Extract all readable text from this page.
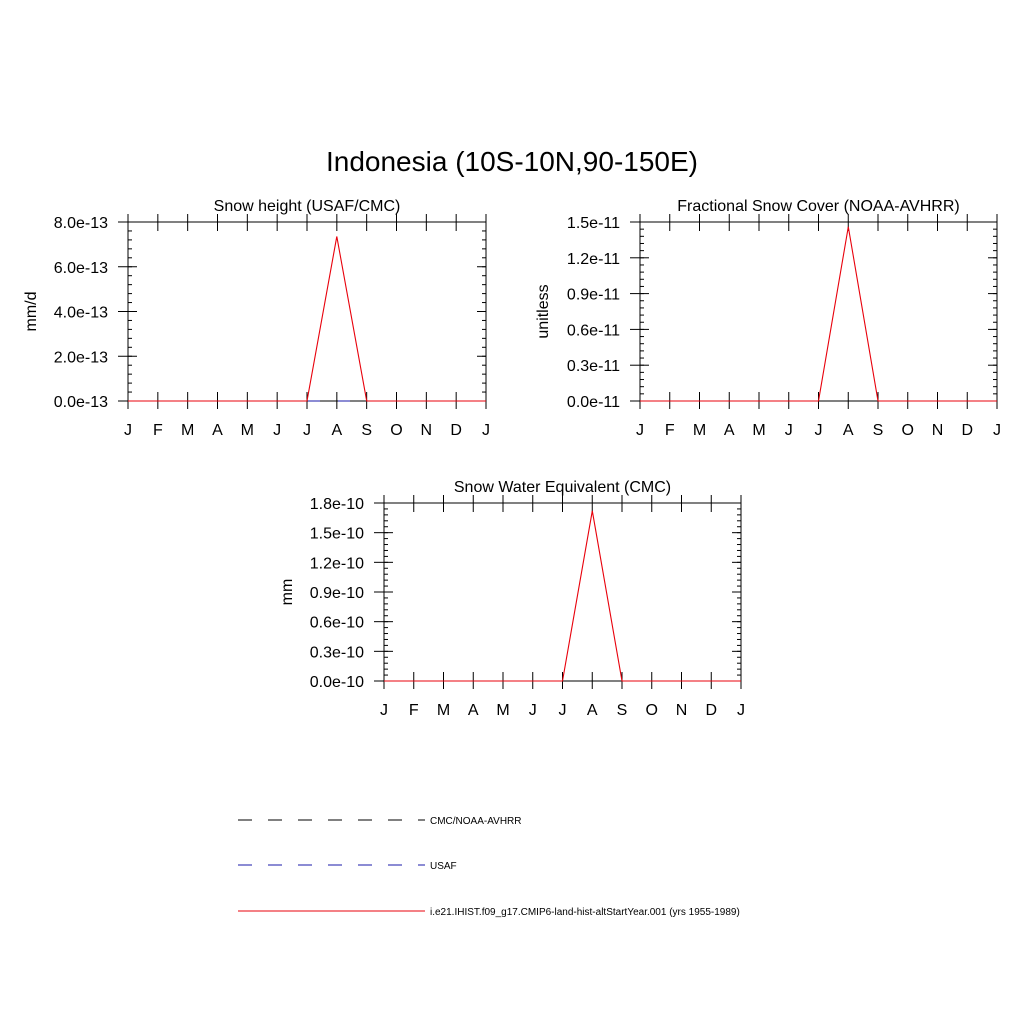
Indonesia (10S-10N,90-150E)
Snow height (USAF/CMC)
mm/d
0.0e-13
2.0e-13
4.0e-13
6.0e-13
8.0e-13
J F M A M J J A S O N D J
Fractional Snow Cover (NOAA-AVHRR)
unitless
0.0e-11
0.3e-11
0.6e-11
0.9e-11
1.2e-11
1.5e-11
J F M A M J J A S O N D J
Snow Water Equivalent (CMC)
mm
0.0e-10
0.3e-10
0.6e-10
0.9e-10
1.2e-10
1.5e-10
1.8e-10
J F M A M J J A S O N D J
CMC/NOAA-AVHRR
USAF
i.e21.IHIST.f09_g17.CMIP6-land-hist-altStartYear.001 (yrs 1955-1989)
